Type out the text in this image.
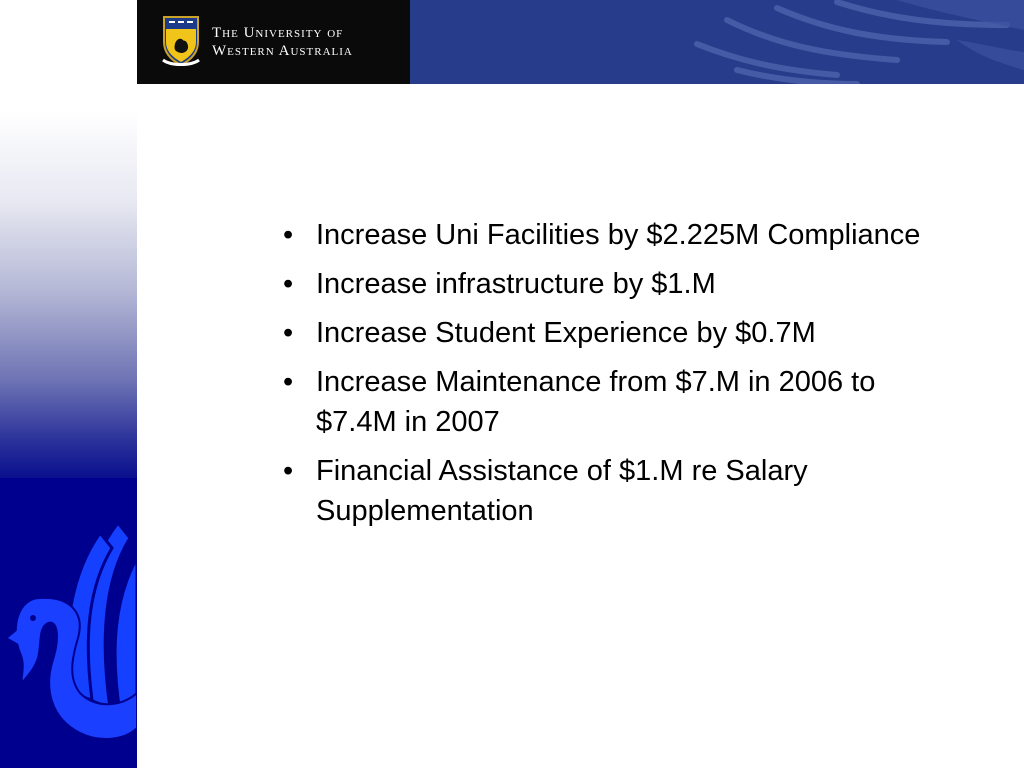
The University of
Western Australia
• Increase Uni Facilities by $2.225M Compliance
• Increase infrastructure by $1.M
• Increase Student Experience by $0.7M
• Increase Maintenance from $7.M in 2006 to $7.4M in 2007
• Financial Assistance of $1.M re Salary Supplementation
